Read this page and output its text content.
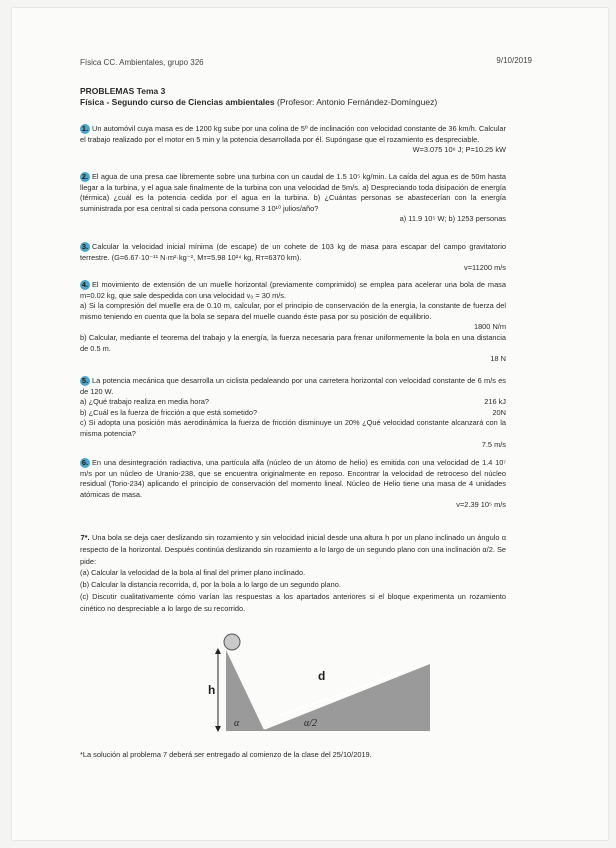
Física CC. Ambientales, grupo 326	9/10/2019
PROBLEMAS Tema 3
Física - Segundo curso de Ciencias ambientales (Profesor: Antonio Fernández-Domínguez)

1. Un automóvil cuya masa es de 1200 kg sube por una colina de 5º de inclinación con velocidad constante de 36 km/h. Calcular el trabajo realizado por el motor en 5 min y la potencia desarrollada por él. Supóngase que el rozamiento es despreciable.

W=3.075 10⁶ J; P=10.25 kW

2. El agua de una presa cae libremente sobre una turbina con un caudal de 1.5 10⁵ kg/min. La caída del agua es de 50m hasta llegar a la turbina, y el agua sale finalmente de la turbina con una velocidad de 5m/s. a) Despreciando toda disipación de energía (térmica) ¿cuál es la potencia cedida por el agua en la turbina. b) ¿Cuántas personas se abastecerían con la energía suministrada por esa central si cada persona consume 3 10¹⁰ julios/año?

a) 11.9 10⁵ W; b) 1253 personas

3. Calcular la velocidad inicial mínima (de escape) de un cohete de 103 kg de masa para escapar del campo gravitatorio terrestre. (G=6.67·10⁻¹¹ N·m²·kg⁻², Mᴛ=5.98 10²⁴ kg, Rᴛ=6370 km).

v=11200 m/s

4. El movimiento de extensión de un muelle horizontal (previamente comprimido) se emplea para acelerar una bola de masa m=0.02 kg, que sale despedida con una velocidad v₀ = 30 m/s.

a) Si la compresión del muelle era de 0.10 m, calcular, por el principio de conservación de la energía, la constante de fuerza del mismo teniendo en cuenta que la bola se separa del muelle cuando éste pasa por su posición de equilibrio.

1800 N/m

b) Calcular, mediante el teorema del trabajo y la energía, la fuerza necesaria para frenar uniformemente la bola en una distancia de 0.5 m.

18 N

5. La potencia mecánica que desarrolla un ciclista pedaleando por una carretera horizontal con velocidad constante de 6 m/s es de 120 W.

216 kJ
a) ¿Qué trabajo realiza en media hora?

20N
b) ¿Cuál es la fuerza de fricción a que está sometido?

c) Si adopta una posición más aerodinámica la fuerza de fricción disminuye un 20% ¿Qué velocidad constante alcanzará con la misma potencia?

7.5 m/s

6. En una desintegración radiactiva, una partícula alfa (núcleo de un átomo de helio) es emitida con una velocidad de 1.4 10⁷ m/s por un núcleo de Uranio-238, que se encuentra originalmente en reposo. Encontrar la velocidad de retroceso del núcleo residual (Torio-234) aplicando el principio de conservación del momento lineal. Núcleo de Helio tiene una masa de 4 unidades atómicas de masa.

v=2.39 10⁵ m/s

7*. Una bola se deja caer deslizando sin rozamiento y sin velocidad inicial desde una altura h por un plano inclinado un ángulo α respecto de la horizontal. Después continúa deslizando sin rozamiento a lo largo de un segundo plano con una inclinación α/2. Se pide:

(a) Calcular la velocidad de la bola al final del primer plano inclinado.

(b) Calcular la distancia recorrida, d, por la bola a lo largo de un segundo plano.

(c) Discutir cualitativamente cómo varían las respuestas a los apartados anteriores si el bloque experimenta un rozamiento cinético no despreciable a lo largo de su recorrido.

h
d
α	α/2
*La solución al problema 7 deberá ser entregado al comienzo de la clase del 25/10/2019.
